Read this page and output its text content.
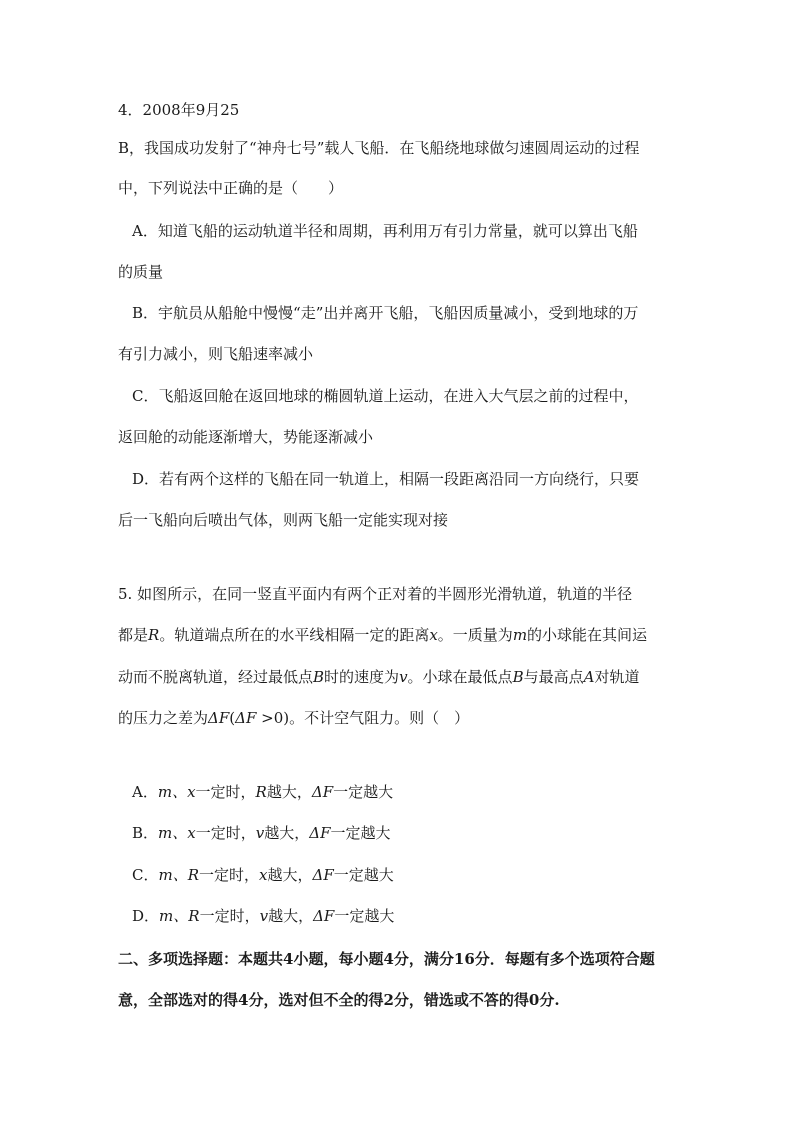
4．2008年9月25
B，我国成功发射了“神舟七号”载人飞船．在飞船绕地球做匀速圆周运动的过程
中，下列说法中正确的是（　　）
A．知道飞船的运动轨道半径和周期，再利用万有引力常量，就可以算出飞船
的质量
B．宇航员从船舱中慢慢“走”出并离开飞船，飞船因质量减小，受到地球的万
有引力减小，则飞船速率减小
C．飞船返回舱在返回地球的椭圆轨道上运动，在进入大气层之前的过程中，
返回舱的动能逐渐增大，势能逐渐减小
D．若有两个这样的飞船在同一轨道上，相隔一段距离沿同一方向绕行，只要
后一飞船向后喷出气体，则两飞船一定能实现对接
5. 如图所示，在同一竖直平面内有两个正对着的半圆形光滑轨道，轨道的半径
都是R。轨道端点所在的水平线相隔一定的距离x。一质量为m的小球能在其间运
动而不脱离轨道，经过最低点B时的速度为v。小球在最低点B与最高点A对轨道
的压力之差为ΔF(ΔF >0)。不计空气阻力。则（　）
A．m、x一定时，R越大，ΔF一定越大
B．m、x一定时，v越大，ΔF一定越大
C．m、R一定时，x越大，ΔF一定越大
D．m、R一定时，v越大，ΔF一定越大
二、多项选择题：本题共4小题，每小题4分，满分16分．每题有多个选项符合题
意，全部选对的得4分，选对但不全的得2分，错选或不答的得0分.
